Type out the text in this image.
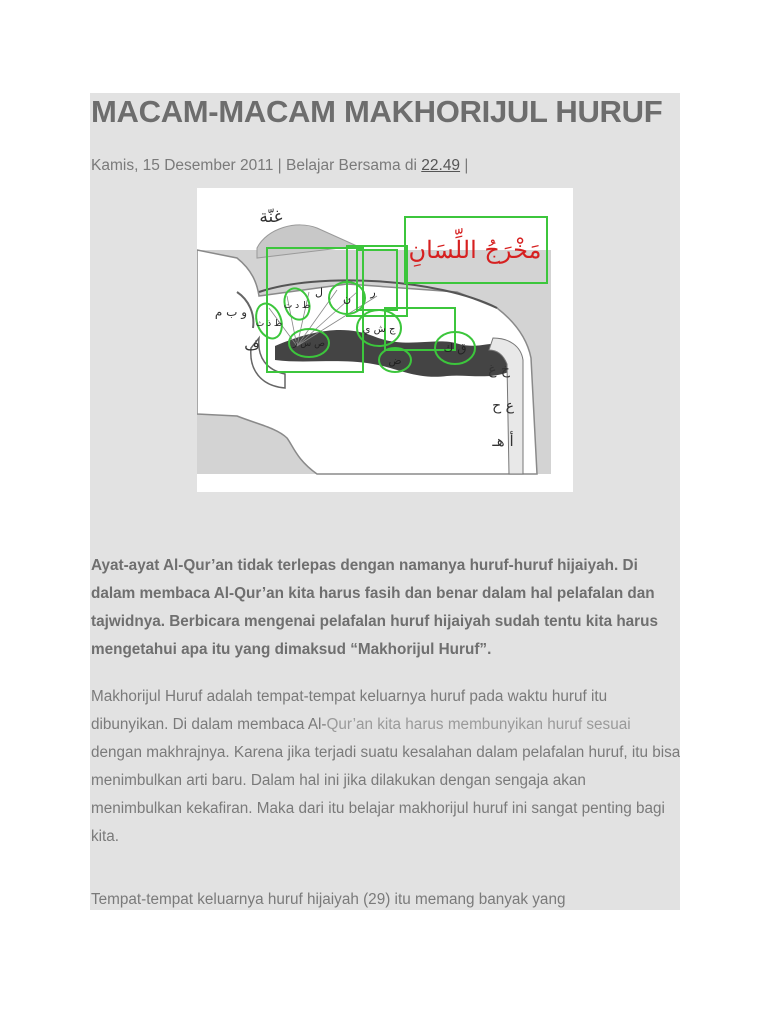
MACAM-MACAM MAKHORIJUL HURUF
Kamis, 15 Desember 2011 | Belajar Bersama di 22.49 |
غنّة
مَخْرَجُ اللِّسَانِ
و ب م
ف
ظ ذ ث
ط د ت
ل ن ر
ص س ز
ج ش ي
ض
ق ك
خ غ
ع ح
أ هـ

Ayat-ayat Al-Qur’an tidak terlepas dengan namanya huruf-huruf hijaiyah. Di dalam membaca Al-Qur’an kita harus fasih dan benar dalam hal pelafalan dan tajwidnya. Berbicara mengenai pelafalan huruf hijaiyah sudah tentu kita harus mengetahui apa itu yang dimaksud “Makhorijul Huruf”.

Makhorijul Huruf adalah tempat-tempat keluarnya huruf pada waktu huruf itu dibunyikan. Di dalam membaca Al-Qur’an kita harus membunyikan huruf sesuai dengan makhrajnya. Karena jika terjadi suatu kesalahan dalam pelafalan huruf, itu bisa menimbulkan arti baru. Dalam hal ini jika dilakukan dengan sengaja akan menimbulkan kekafiran. Maka dari itu belajar makhorijul huruf ini sangat penting bagi kita.

Tempat-tempat keluarnya huruf hijaiyah (29) itu memang banyak yang
